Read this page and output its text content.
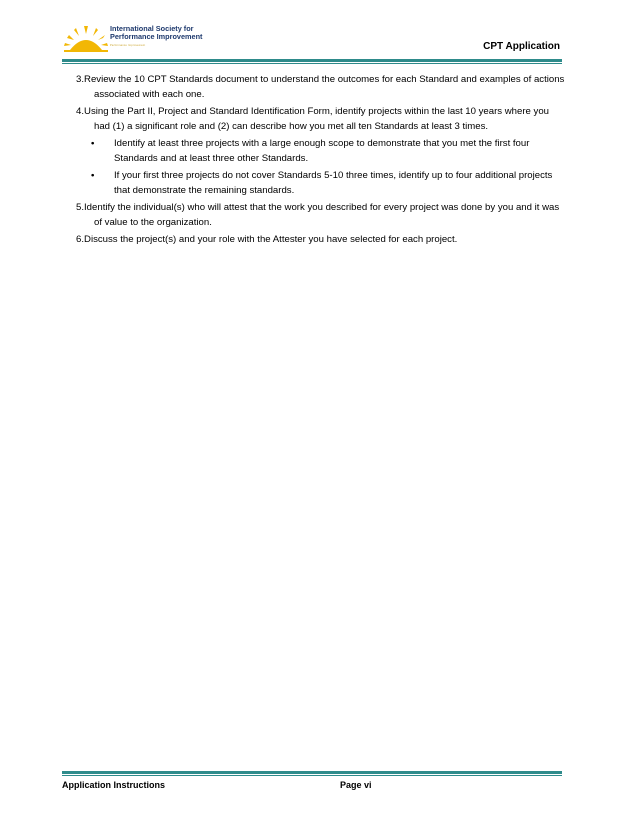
International Society for
Performance Improvement
Performance Improvement	CPT Application
3.Review the 10 CPT Standards document to understand the outcomes for each Standard and examples of actions associated with each one.
4.Using the Part II, Project and Standard Identification Form, identify projects within the last 10 years where you had (1) a significant role and (2) can describe how you met all ten Standards at least 3 times.
• Identify at least three projects with a large enough scope to demonstrate that you met the first four Standards and at least three other Standards.
• If your first three projects do not cover Standards 5-10 three times, identify up to four additional projects that demonstrate the remaining standards.
5.Identify the individual(s) who will attest that the work you described for every project was done by you and it was of value to the organization.
6.Discuss the project(s) and your role with the Attester you have selected for each project.
Application Instructions	Page vi
